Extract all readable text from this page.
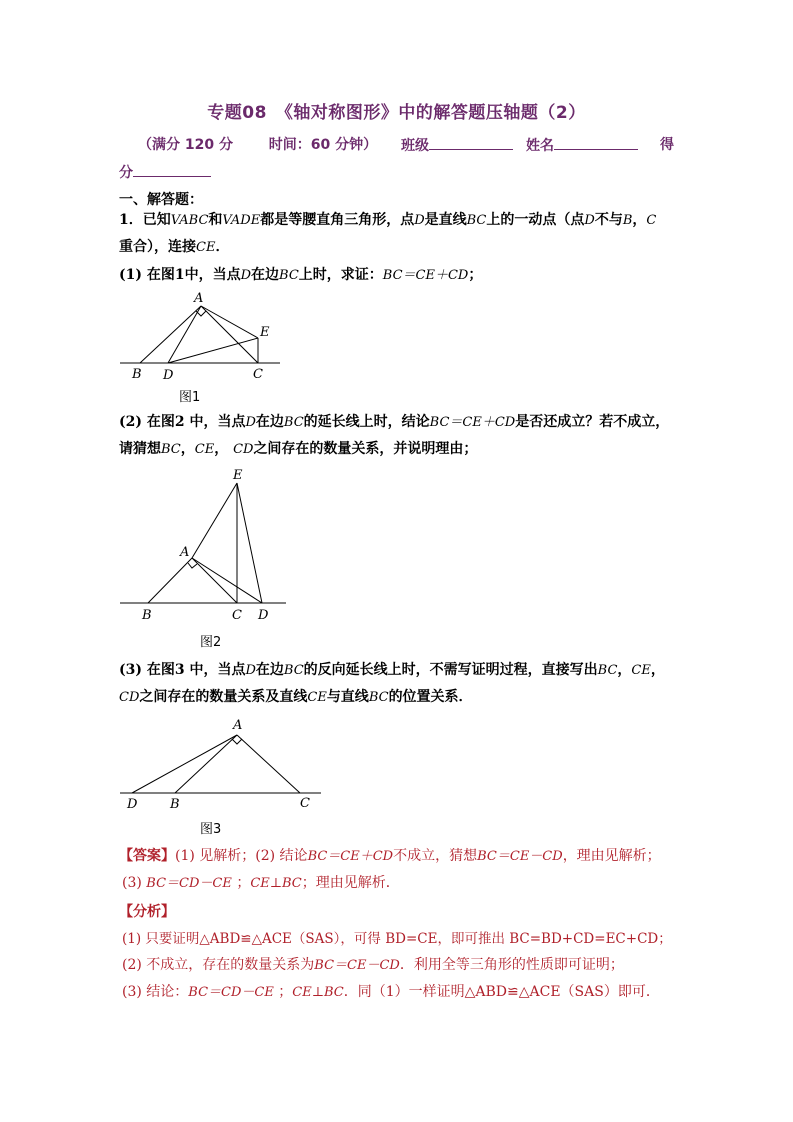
专题08　《轴对称图形》中的解答题压轴题（2）
（满分 120 分	时间：60 分钟） 班级	姓名	得
分
一、解答题：
1．已知VABC和VADE都是等腰直角三角形，点D是直线BC上的一动点（点D不与B，C
重合），连接CE．
(1) 在图1中，当点D在边BC上时，求证：BC＝CE＋CD；
A
B D	C
E
图1
(2) 在图2 中，当点D在边BC的延长线上时，结论BC＝CE＋CD是否还成立？若不成立，
请猜想BC，CE， CD之间存在的数量关系，并说明理由；
E
A
B	C D
图2
(3) 在图3 中，当点D在边BC的反向延长线上时，不需写证明过程，直接写出BC，CE，
CD之间存在的数量关系及直线CE与直线BC的位置关系．
A
D	B	C
图3
【答案】(1) 见解析；(2) 结论BC＝CE＋CD不成立，猜想BC＝CE－CD，理由见解析；
(3) BC＝CD－CE ；CE⊥BC；理由见解析．
【分析】
(1) 只要证明△ABD≌△ACE（SAS），可得 BD=CE，即可推出 BC=BD+CD=EC+CD；
(2) 不成立，存在的数量关系为BC＝CE－CD．利用全等三角形的性质即可证明；
(3) 结论：BC＝CD－CE ；CE⊥BC．同（1）一样证明△ABD≌△ACE（SAS）即可．
